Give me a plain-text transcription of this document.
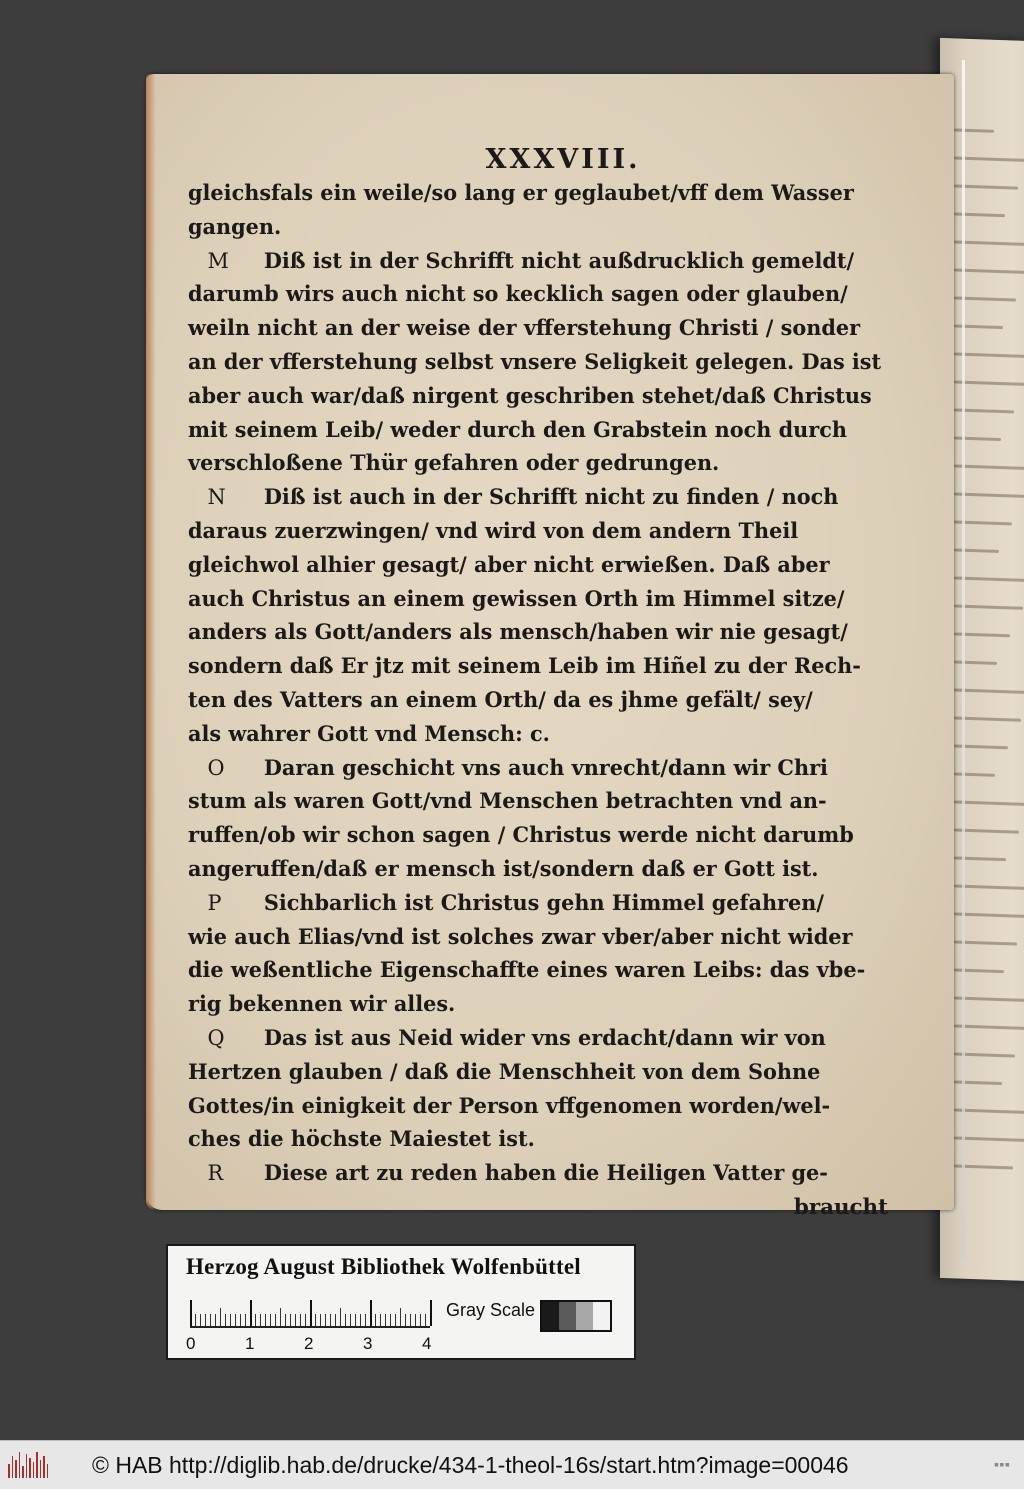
XXXVIII.
gleichsfals ein weile/so lang er geglaubet/vff dem Wasser
gangen.
M Diß ist in der Schrifft nicht außdrucklich gemeldt/
darumb wirs auch nicht so kecklich sagen oder glauben/
weiln nicht an der weise der vfferstehung Christi / sonder
an der vfferstehung selbst vnsere Seligkeit gelegen. Das ist
aber auch war/daß nirgent geschriben stehet/daß Christus
mit seinem Leib/ weder durch den Grabstein noch durch
verschloßene Thür gefahren oder gedrungen.
N Diß ist auch in der Schrifft nicht zu finden / noch
daraus zuerzwingen/ vnd wird von dem andern Theil
gleichwol alhier gesagt/ aber nicht erwießen. Daß aber
auch Christus an einem gewissen Orth im Himmel sitze/
anders als Gott/anders als mensch/haben wir nie gesagt/
sondern daß Er jtz mit seinem Leib im Hiñel zu der Rech-
ten des Vatters an einem Orth/ da es jhme gefält/ sey/
als wahrer Gott vnd Mensch: c.
O Daran geschicht vns auch vnrecht/dann wir Chri
stum als waren Gott/vnd Menschen betrachten vnd an-
ruffen/ob wir schon sagen / Christus werde nicht darumb
angeruffen/daß er mensch ist/sondern daß er Gott ist.
P Sichbarlich ist Christus gehn Himmel gefahren/
wie auch Elias/vnd ist solches zwar vber/aber nicht wider
die weßentliche Eigenschaffte eines waren Leibs: das vbe-
rig bekennen wir alles.
Q Das ist aus Neid wider vns erdacht/dann wir von
Hertzen glauben / daß die Menschheit von dem Sohne
Gottes/in einigkeit der Person vffgenomen worden/wel-
ches die höchste Maiestet ist.
R Diese art zu reden haben die Heiligen Vatter ge-
braucht
Herzog August Bibliothek Wolfenbüttel
0	1	2	3	4
Gray Scale
© HAB http://diglib.hab.de/drucke/434-1-theol-16s/start.htm?image=00046	▪▪▪
